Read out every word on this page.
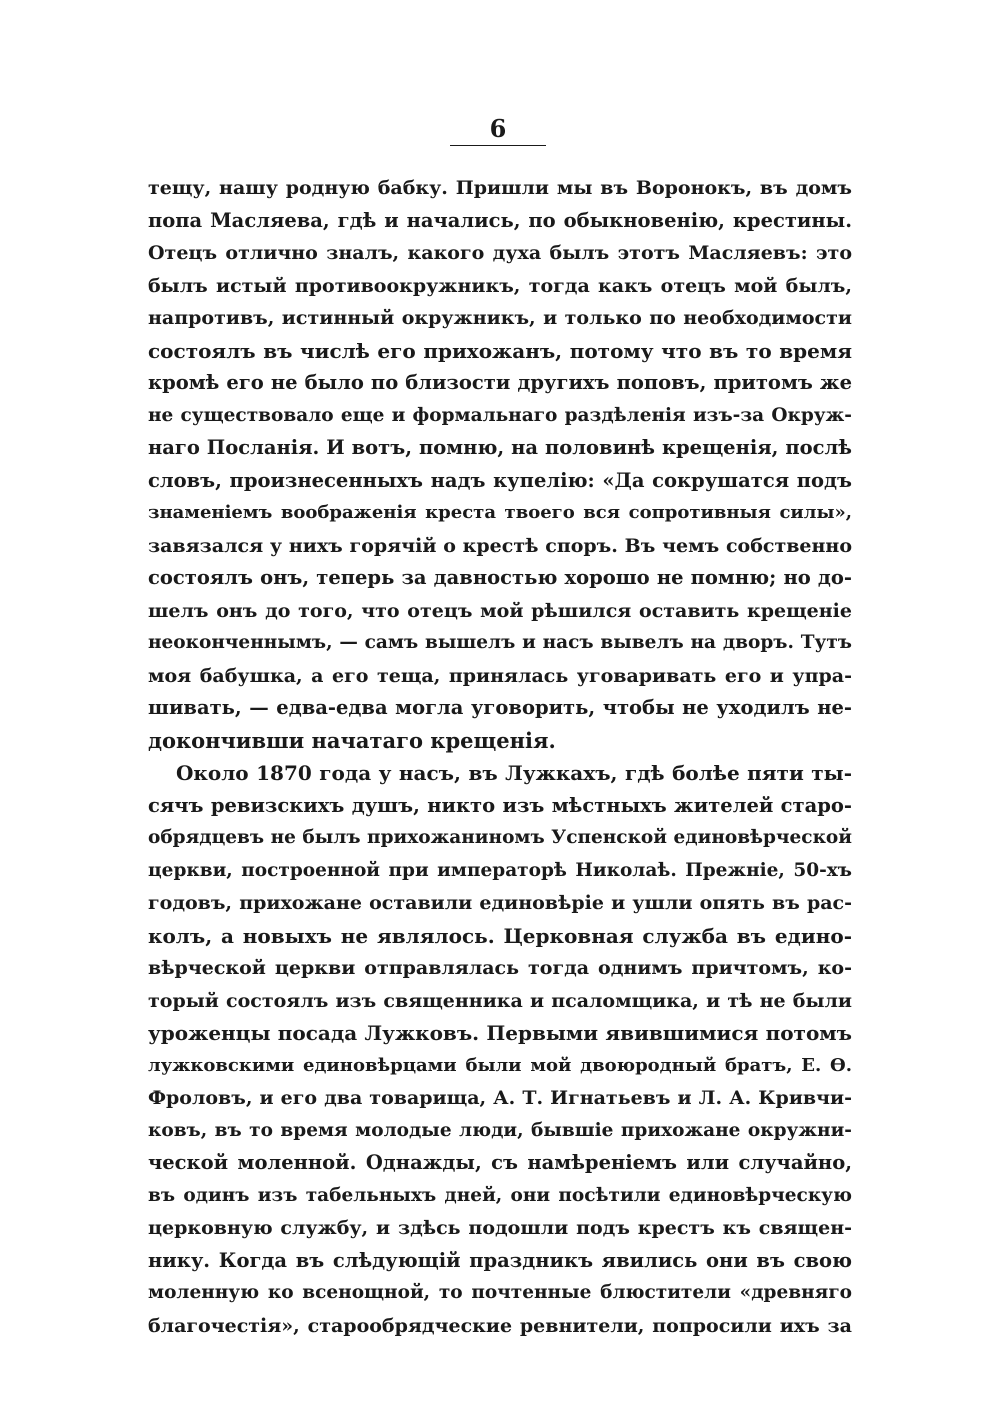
6
тещу, нашу родную бабку. Пришли мы въ Воронокъ, въ домъ
попа Масляева, гдѣ и начались, по обыкновенію, крестины.
Отецъ отлично зналъ, какого духа былъ этотъ Масляевъ: это
былъ истый противоокружникъ, тогда какъ отецъ мой былъ,
напротивъ, истинный окружникъ, и только по необходимости
состоялъ въ числѣ его прихожанъ, потому что въ то время
кромѣ его не было по близости другихъ поповъ, притомъ же
не существовало еще и формальнаго раздѣленія изъ-за Окруж-
наго Посланія. И вотъ, помню, на половинѣ крещенія, послѣ
словъ, произнесенныхъ надъ купелію: «Да сокрушатся подъ
знаменіемъ воображенія креста твоего вся сопротивныя силы»,
завязался у нихъ горячій о крестѣ споръ. Въ чемъ собственно
состоялъ онъ, теперь за давностью хорошо не помню; но до-
шелъ онъ до того, что отецъ мой рѣшился оставить крещеніе
неоконченнымъ, — самъ вышелъ и насъ вывелъ на дворъ. Тутъ
моя бабушка, а его теща, принялась уговаривать его и упра-
шивать, — едва-едва могла уговорить, чтобы не уходилъ не-
докончивши начатаго крещенія.
Около 1870 года у насъ, въ Лужкахъ, гдѣ болѣе пяти ты-
сячъ ревизскихъ душъ, никто изъ мѣстныхъ жителей старо-
обрядцевъ не былъ прихожаниномъ Успенской единовѣрческой
церкви, построенной при императорѣ Николаѣ. Прежніе, 50-хъ
годовъ, прихожане оставили единовѣріе и ушли опять въ рас-
колъ, а новыхъ не являлось. Церковная служба въ едино-
вѣрческой церкви отправлялась тогда однимъ причтомъ, ко-
торый состоялъ изъ священника и псаломщика, и тѣ не были
уроженцы посада Лужковъ. Первыми явившимися потомъ
лужковскими единовѣрцами были мой двоюродный братъ, Е. Ѳ.
Фроловъ, и его два товарища, А. Т. Игнатьевъ и Л. А. Кривчи-
ковъ, въ то время молодые люди, бывшіе прихожане окружни-
ческой моленной. Однажды, съ намѣреніемъ или случайно,
въ одинъ изъ табельныхъ дней, они посѣтили единовѣрческую
церковную службу, и здѣсь подошли подъ крестъ къ священ-
нику. Когда въ слѣдующій праздникъ явились они въ свою
моленную ко всенощной, то почтенные блюстители «древняго
благочестія», старообрядческие ревнители, попросили ихъ за
